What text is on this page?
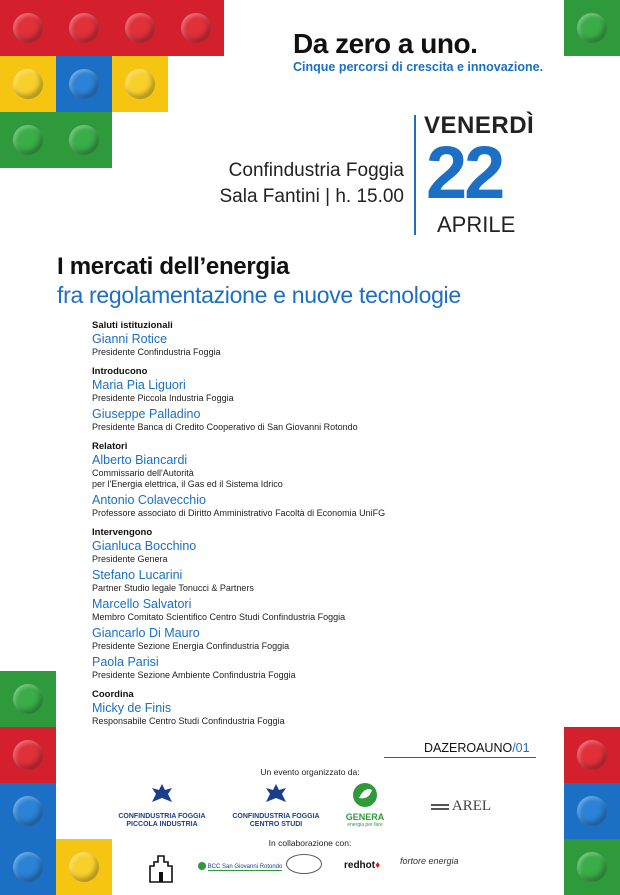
Da zero a uno.
Cinque percorsi di crescita e innovazione.
Confindustria Foggia
Sala Fantini | h. 15.00
VENERDÌ
22
APRILE
I mercati dell’energia
fra regolamentazione e nuove tecnologie
Saluti istituzionali
Gianni Rotice
Presidente Confindustria Foggia
Introducono
Maria Pia Liguori
Presidente Piccola Industria Foggia
Giuseppe Palladino
Presidente Banca di Credito Cooperativo di San Giovanni Rotondo
Relatori
Alberto Biancardi
Commissario dell'Autorità
per l'Energia elettrica, il Gas ed il Sistema Idrico
Antonio Colavecchio
Professore associato di Diritto Amministrativo Facoltà di Economia UniFG
Intervengono
Gianluca Bocchino
Presidente Genera
Stefano Lucarini
Partner Studio legale Tonucci & Partners
Marcello Salvatori
Membro Comitato Scientifico Centro Studi Confindustria Foggia
Giancarlo Di Mauro
Presidente Sezione Energia Confindustria Foggia
Paola Parisi
Presidente Sezione Ambiente Confindustria Foggia
Coordina
Micky de Finis
Responsabile Centro Studi Confindustria Foggia
DAZEROAUNO/01
Un evento organizzato da:
CONFINDUSTRIA FOGGIA
PICCOLA INDUSTRIA
CONFINDUSTRIA FOGGIA
CENTRO STUDI
GENERA
energia per fare
AREL
In collaborazione con:
BCC San Giovanni Rotondo	redhot♦ fortore energia
